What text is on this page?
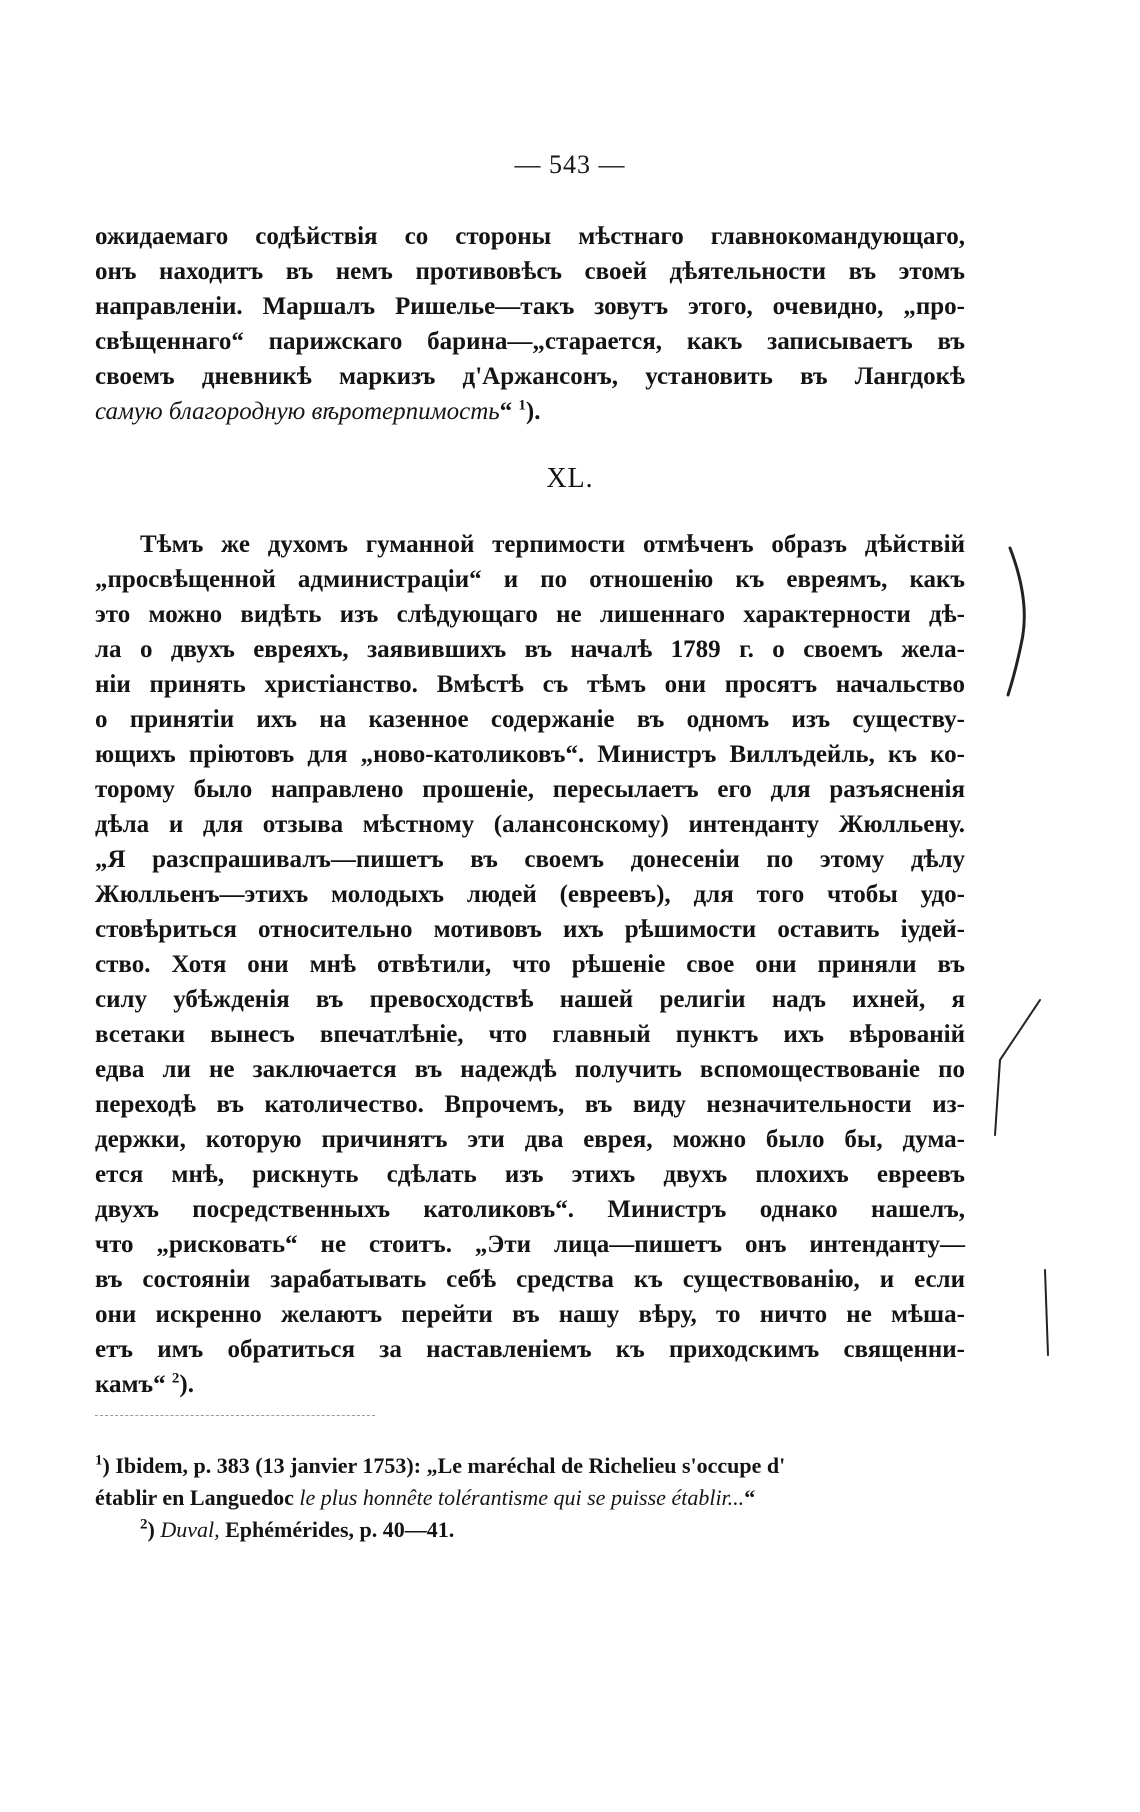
— 543 —
ожидаемаго содѣйствія со стороны мѣстнаго главнокомандующаго,
онъ находитъ въ немъ противовѣсъ своей дѣятельности въ этомъ
направленіи. Маршалъ Ришелье—такъ зовутъ этого, очевидно, „про-
свѣщеннаго“ парижскаго барина—„старается, какъ записываетъ въ
своемъ дневникѣ маркизъ д'Аржансонъ, установить въ Лангдокѣ
самую благородную вѣротерпимость“ $^1$).
XL.
Тѣмъ же духомъ гуманной терпимости отмѣченъ образъ дѣйствій
„просвѣщенной администраціи“ и по отношенію къ евреямъ, какъ
это можно видѣть изъ слѣдующаго не лишеннаго характерности дѣ-
ла о двухъ евреяхъ, заявившихъ въ началѣ 1789 г. о своемъ жела-
ніи принять христіанство. Вмѣстѣ съ тѣмъ они просятъ начальство
о принятіи ихъ на казенное содержаніе въ одномъ изъ существу-
ющихъ пріютовъ для „ново-католиковъ“. Министръ Виллъдейль, къ ко-
торому было направлено прошеніе, пересылаетъ его для разъясненія
дѣла и для отзыва мѣстному (алансонскому) интенданту Жюлльену.
„Я разспрашивалъ—пишетъ въ своемъ донесеніи по этому дѣлу
Жюлльенъ—этихъ молодыхъ людей (евреевъ), для того чтобы удо-
стовѣриться относительно мотивовъ ихъ рѣшимости оставить іудей-
ство. Хотя они мнѣ отвѣтили, что рѣшеніе свое они приняли въ
силу убѣжденія въ превосходствѣ нашей религіи надъ ихней, я
всетаки вынесъ впечатлѣніе, что главный пунктъ ихъ вѣрованій
едва ли не заключается въ надеждѣ получить вспомоществованіе по
переходѣ въ католичество. Впрочемъ, въ виду незначительности из-
держки, которую причинятъ эти два еврея, можно было бы, дума-
ется мнѣ, рискнуть сдѣлать изъ этихъ двухъ плохихъ евреевъ
двухъ посредственныхъ католиковъ“. Министръ однако нашелъ,
что „рисковать“ не стоитъ. „Эти лица—пишетъ онъ интенданту—
въ состояніи зарабатывать себѣ средства къ существованію, и если
они искренно желаютъ перейти въ нашу вѣру, то ничто не мѣша-
етъ имъ обратиться за наставленіемъ къ приходскимъ священни-
камъ“ $^2$).
$^1$) Ibidem, p. 383 (13 janvier 1753): „Le maréchal de Richelieu s'occupe d'
établir en Languedoc le plus honnête tolérantisme qui se puisse établir...“
$^2$) Duval, Ephémérides, p. 40—41.
